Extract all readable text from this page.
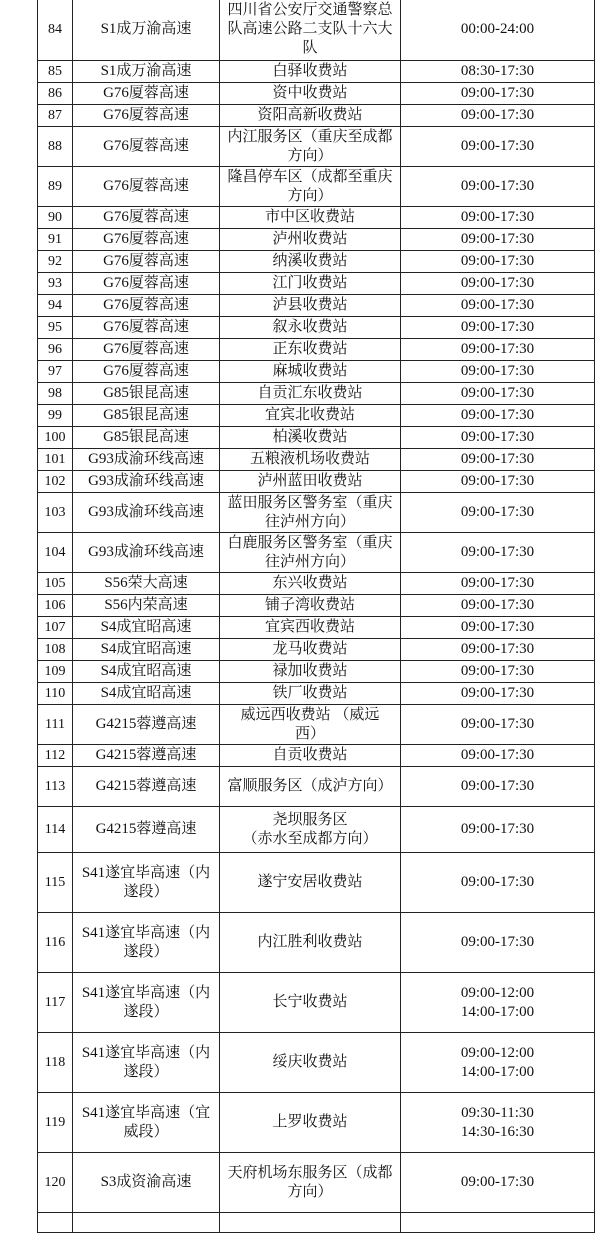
84	S1成万渝高速	四川省公安厅交通警察总
队高速公路二支队十六大
队	00:00-24:00

85	S1成万渝高速	白驿收费站	08:30-17:30

86	G76厦蓉高速	资中收费站	09:00-17:30

87	G76厦蓉高速	资阳高新收费站	09:00-17:30

88	G76厦蓉高速	内江服务区（重庆至成都
方向）	09:00-17:30

89	G76厦蓉高速	隆昌停车区（成都至重庆
方向）	09:00-17:30

90	G76厦蓉高速	市中区收费站	09:00-17:30

91	G76厦蓉高速	泸州收费站	09:00-17:30

92	G76厦蓉高速	纳溪收费站	09:00-17:30

93	G76厦蓉高速	江门收费站	09:00-17:30

94	G76厦蓉高速	泸县收费站	09:00-17:30

95	G76厦蓉高速	叙永收费站	09:00-17:30

96	G76厦蓉高速	正东收费站	09:00-17:30

97	G76厦蓉高速	麻城收费站	09:00-17:30

98	G85银昆高速	自贡汇东收费站	09:00-17:30

99	G85银昆高速	宜宾北收费站	09:00-17:30

100	G85银昆高速	柏溪收费站	09:00-17:30

101	G93成渝环线高速	五粮液机场收费站	09:00-17:30

102	G93成渝环线高速	泸州蓝田收费站	09:00-17:30

103	G93成渝环线高速	蓝田服务区警务室（重庆
往泸州方向）	09:00-17:30

104	G93成渝环线高速	白鹿服务区警务室（重庆
往泸州方向）	09:00-17:30

105	S56荣大高速	东兴收费站	09:00-17:30

106	S56内荣高速	铺子湾收费站	09:00-17:30

107	S4成宜昭高速	宜宾西收费站	09:00-17:30

108	S4成宜昭高速	龙马收费站	09:00-17:30

109	S4成宜昭高速	禄加收费站	09:00-17:30

110	S4成宜昭高速	铁厂收费站	09:00-17:30

111	G4215蓉遵高速	威远西收费站 （威远
西）	09:00-17:30

112	G4215蓉遵高速	自贡收费站	09:00-17:30

113	G4215蓉遵高速	富顺服务区（成泸方向）	09:00-17:30

114	G4215蓉遵高速	尧坝服务区
（赤水至成都方向）	09:00-17:30

115	S41遂宜毕高速（内
遂段）	遂宁安居收费站	09:00-17:30

116	S41遂宜毕高速（内
遂段）	内江胜利收费站	09:00-17:30

117	S41遂宜毕高速（内
遂段）	长宁收费站	09:00-12:00
14:00-17:00

118	S41遂宜毕高速（内
遂段）	绥庆收费站	09:00-12:00
14:00-17:00

119	S41遂宜毕高速（宜
威段）	上罗收费站	09:30-11:30
14:30-16:30

120	S3成资渝高速	天府机场东服务区（成都
方向）	09:00-17:30
